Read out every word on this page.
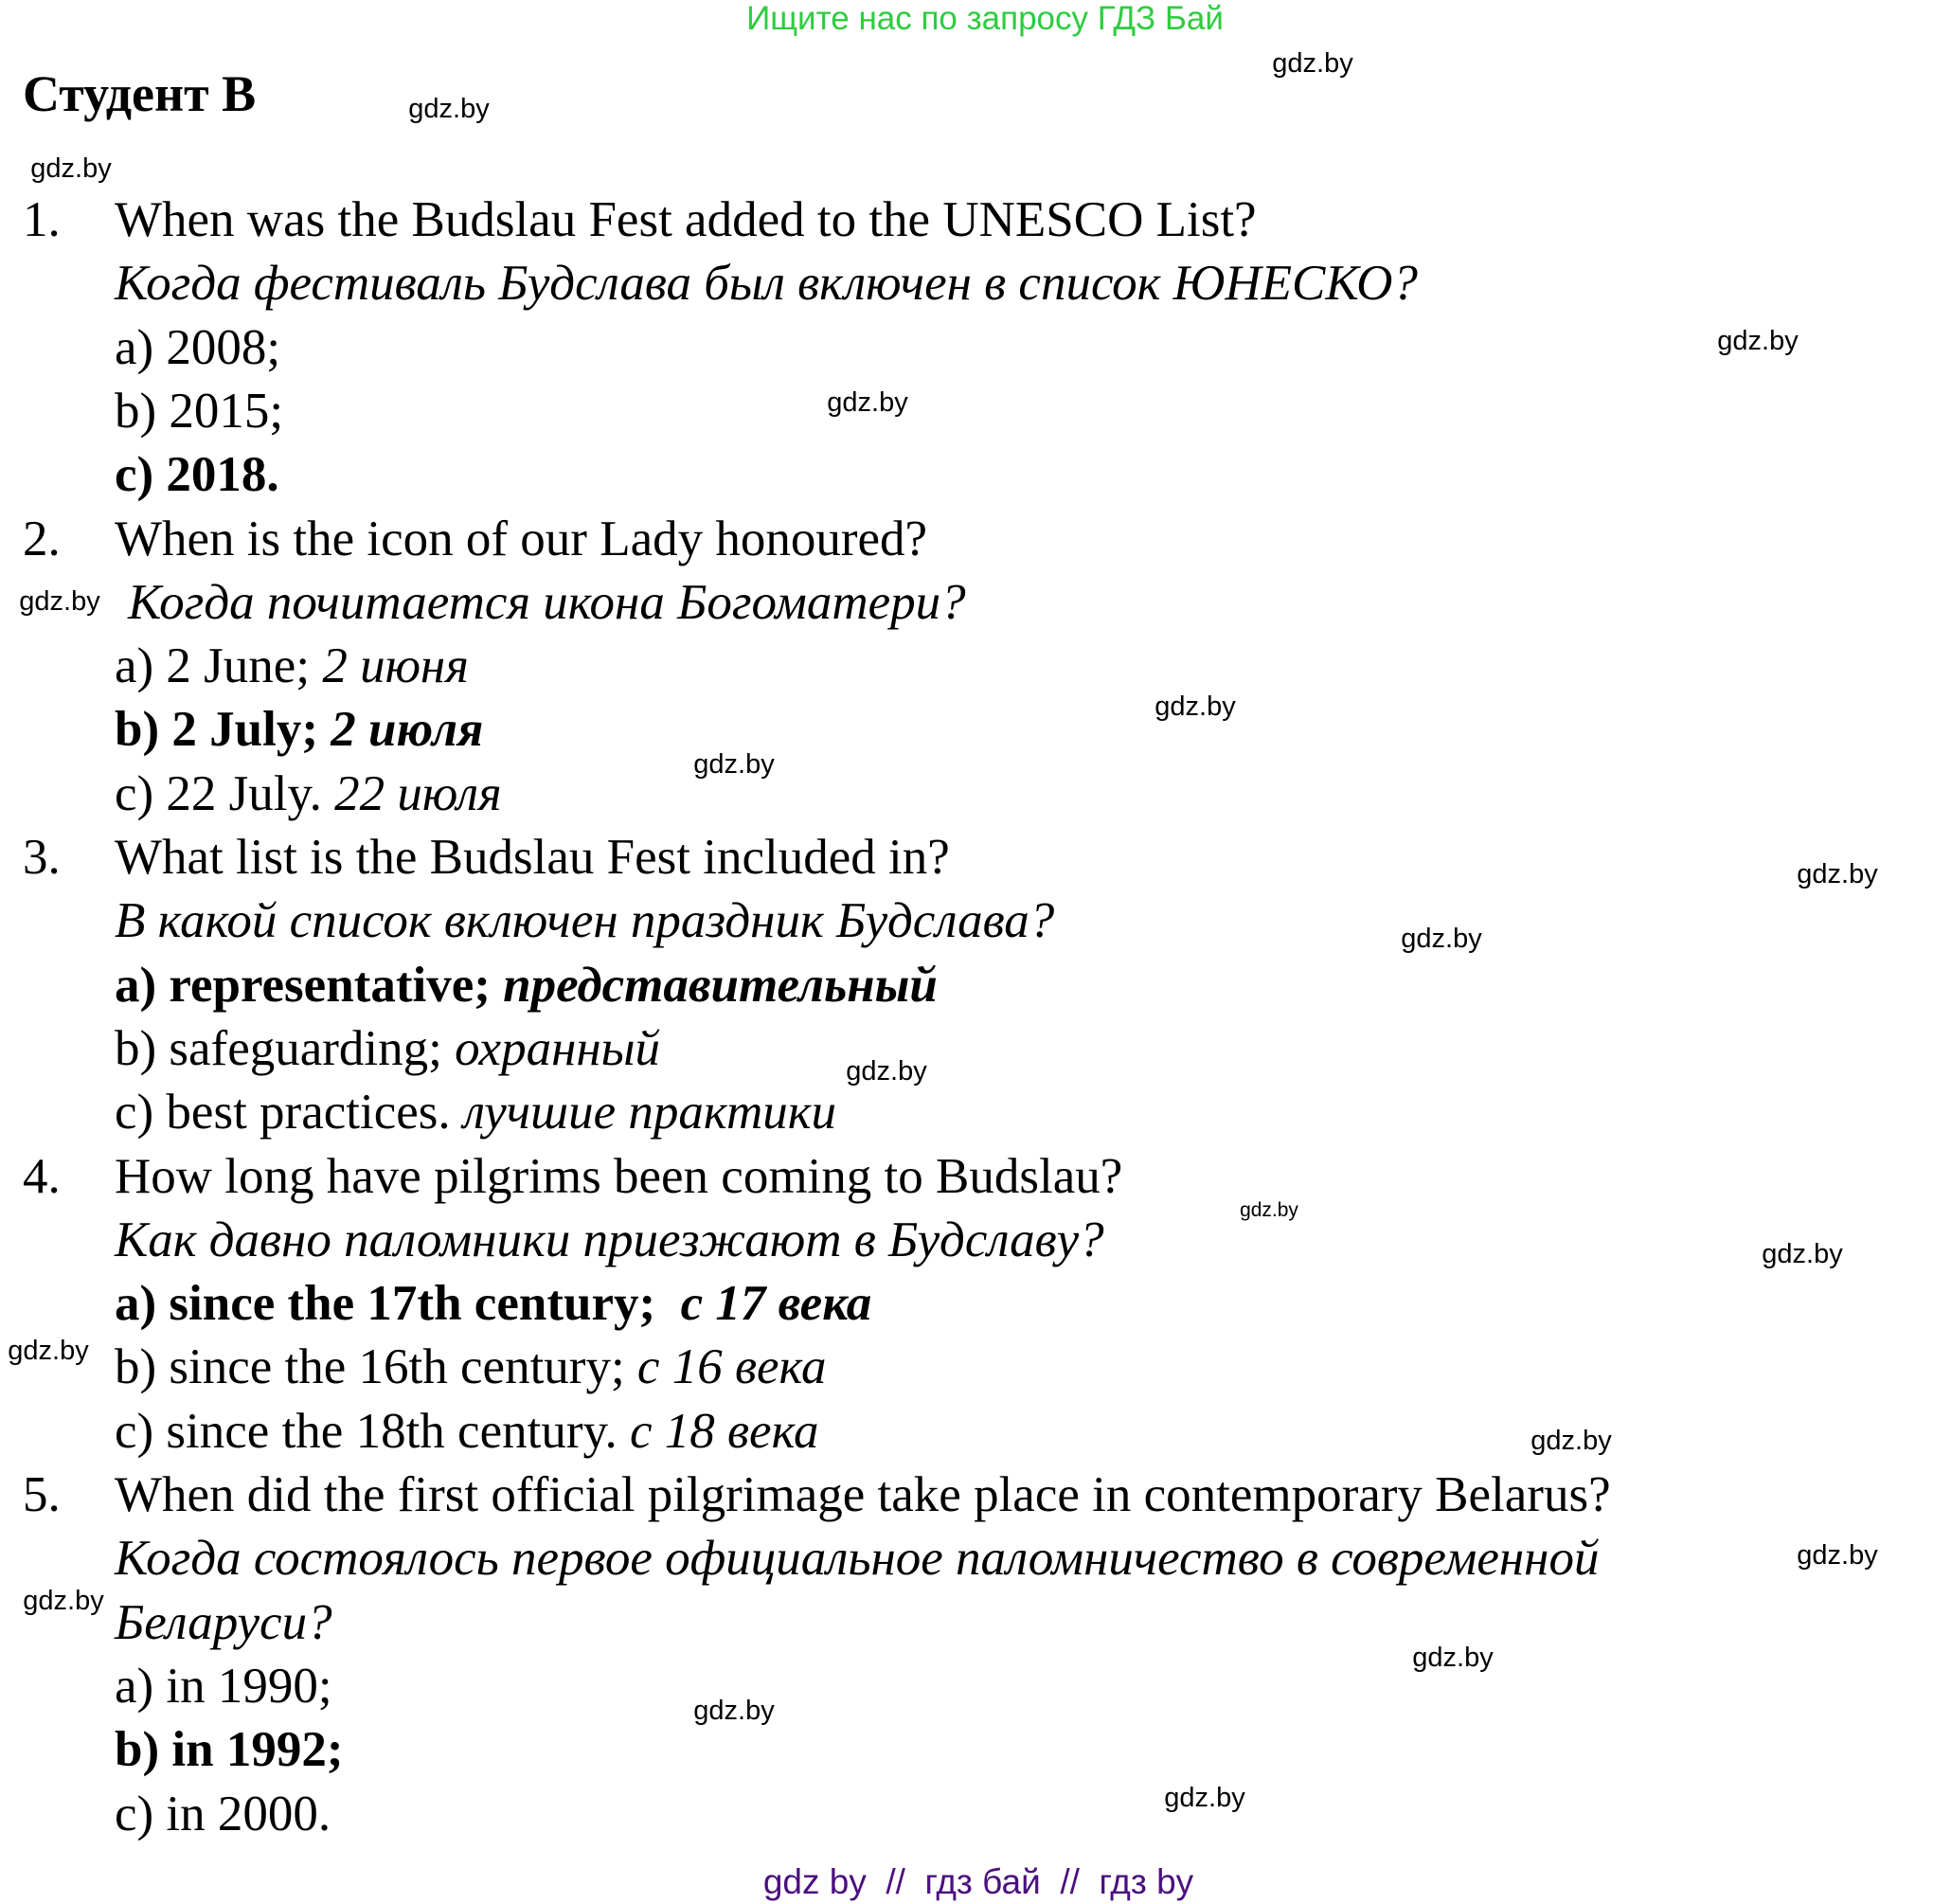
Ищите нас по запросу ГДЗ Бай
Студент B
1. When was the Budslau Fest added to the UNESCO List?
Когда фестиваль Будслава был включен в список ЮНЕСКО?
a) 2008;
b) 2015;
c) 2018.
2. When is the icon of our Lady honoured?
Когда почитается икона Богоматери?
a) 2 June; 2 июня
b) 2 July; 2 июля
c) 22 July. 22 июля
3. What list is the Budslau Fest included in?
В какой список включен праздник Будслава?
a) representative; представительный
b) safeguarding; охранный
c) best practices. лучшие практики
4. How long have pilgrims been coming to Budslau?
Как давно паломники приезжают в Будславу?
a) since the 17th century;  с 17 века
b) since the 16th century; с 16 века
c) since the 18th century. с 18 века
5. When did the first official pilgrimage take place in contemporary Belarus?
Когда состоялось первое официальное паломничество в современной
Беларуси?
a) in 1990;
b) in 1992;
c) in 2000.
gdz.by
gdz.by
gdz.by
gdz.by
gdz.by
gdz.by
gdz.by
gdz.by
gdz.by
gdz.by
gdz.by
gdz.by
gdz.by
gdz.by
gdz.by
gdz.by
gdz.by
gdz.by
gdz.by
gdz.by
gdz by  //  гдз бай  //  гдз by
